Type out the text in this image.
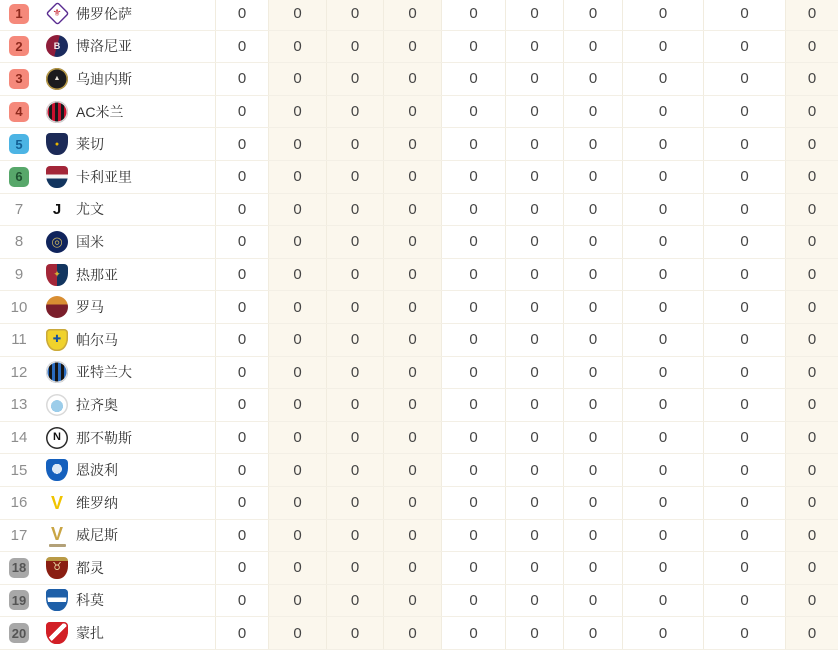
1	⚜ 佛罗伦萨	0	0	0	0	0	0	0	0	0	0
2	B 博洛尼亚	0	0	0	0	0	0	0	0	0	0
3	▲ 乌迪内斯	0	0	0	0	0	0	0	0	0	0
4	AC米兰	0	0	0	0	0	0	0	0	0	0
5	● 莱切	0	0	0	0	0	0	0	0	0	0
6	卡利亚里	0	0	0	0	0	0	0	0	0	0
7 J 尤文	0	0	0	0	0	0	0	0	0	0
8 ◎ 国米	0	0	0	0	0	0	0	0	0	0
9	✦ 热那亚	0	0	0	0	0	0	0	0	0	0
10	罗马	0	0	0	0	0	0	0	0	0	0
11	✚ 帕尔马	0	0	0	0	0	0	0	0	0	0
12	亚特兰大	0	0	0	0	0	0	0	0	0	0
13	拉齐奥	0	0	0	0	0	0	0	0	0	0
14 N 那不勒斯	0	0	0	0	0	0	0	0	0	0
15	恩波利	0	0	0	0	0	0	0	0	0	0
16 V 维罗纳	0	0	0	0	0	0	0	0	0	0
17 V 威尼斯	0	0	0	0	0	0	0	0	0	0
18 ♉ 都灵	0	0	0	0	0	0	0	0	0	0
19	科莫	0	0	0	0	0	0	0	0	0	0
20	蒙扎	0	0	0	0	0	0	0	0	0	0
